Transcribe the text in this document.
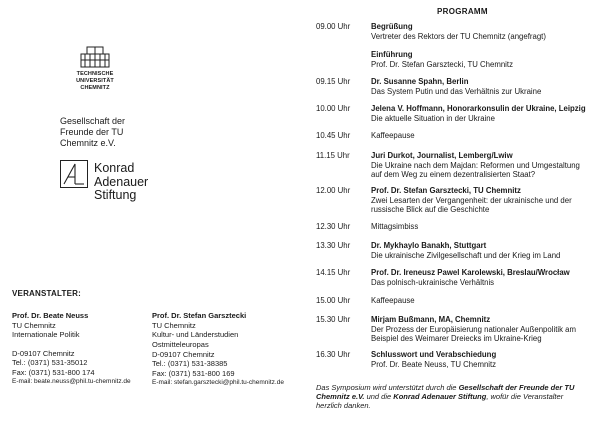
TECHNISCHE UNIVERSITÄT
CHEMNITZ
Gesellschaft der
Freunde der TU
Chemnitz e.V.
Konrad
Adenauer
Stiftung
VERANSTALTER:
Prof. Dr. Beate Neuss
TU Chemnitz
Internationale Politik
D-09107 Chemnitz
Tel.: (0371) 531-35012
Fax: (0371) 531-800 174
E-mail: beate.neuss@phil.tu-chemnitz.de
Prof. Dr. Stefan Garsztecki
TU Chemnitz
Kultur- und Länderstudien
Ostmitteleuropas
D-09107 Chemnitz
Tel.: (0371) 531-38385
Fax: (0371) 531-800 169
E-mail: stefan.garsztecki@phil.tu-chemnitz.de
PROGRAMM
09.00 Uhr	Begrüßung
Vertreter des Rektors der TU Chemnitz (angefragt)
Einführung
Prof. Dr. Stefan Garsztecki, TU Chemnitz
09.15 Uhr	Dr. Susanne Spahn, Berlin
Das System Putin und das Verhältnis zur Ukraine
10.00 Uhr	Jelena V. Hoffmann, Honorarkonsulin der Ukraine, Leipzig
Die aktuelle Situation in der Ukraine
10.45 Uhr	Kaffeepause
11.15 Uhr	Juri Durkot, Journalist, Lemberg/Lwiw
Die Ukraine nach dem Majdan: Reformen und Umgestaltung
auf dem Weg zu einem dezentralisierten Staat?
12.00 Uhr	Prof. Dr. Stefan Garsztecki, TU Chemnitz
Zwei Lesarten der Vergangenheit: der ukrainische und der
russische Blick auf die Geschichte
12.30 Uhr	Mittagsimbiss
13.30 Uhr	Dr. Mykhaylo Banakh, Stuttgart
Die ukrainische Zivilgesellschaft und der Krieg im Land
14.15 Uhr	Prof. Dr. Ireneusz Pawel Karolewski, Breslau/Wrocław
Das polnisch-ukrainische Verhältnis
15.00 Uhr	Kaffeepause
15.30 Uhr	Mirjam Bußmann, MA, Chemnitz
Der Prozess der Europäisierung nationaler Außenpolitik am
Beispiel des Weimarer Dreiecks im Ukraine-Krieg
16.30 Uhr	Schlusswort und Verabschiedung
Prof. Dr. Beate Neuss, TU Chemnitz
Das Symposium wird unterstützt durch die Gesellschaft der Freunde der TU Chemnitz e.V. und die Konrad Adenauer Stiftung, wofür die Veranstalter herzlich danken.
